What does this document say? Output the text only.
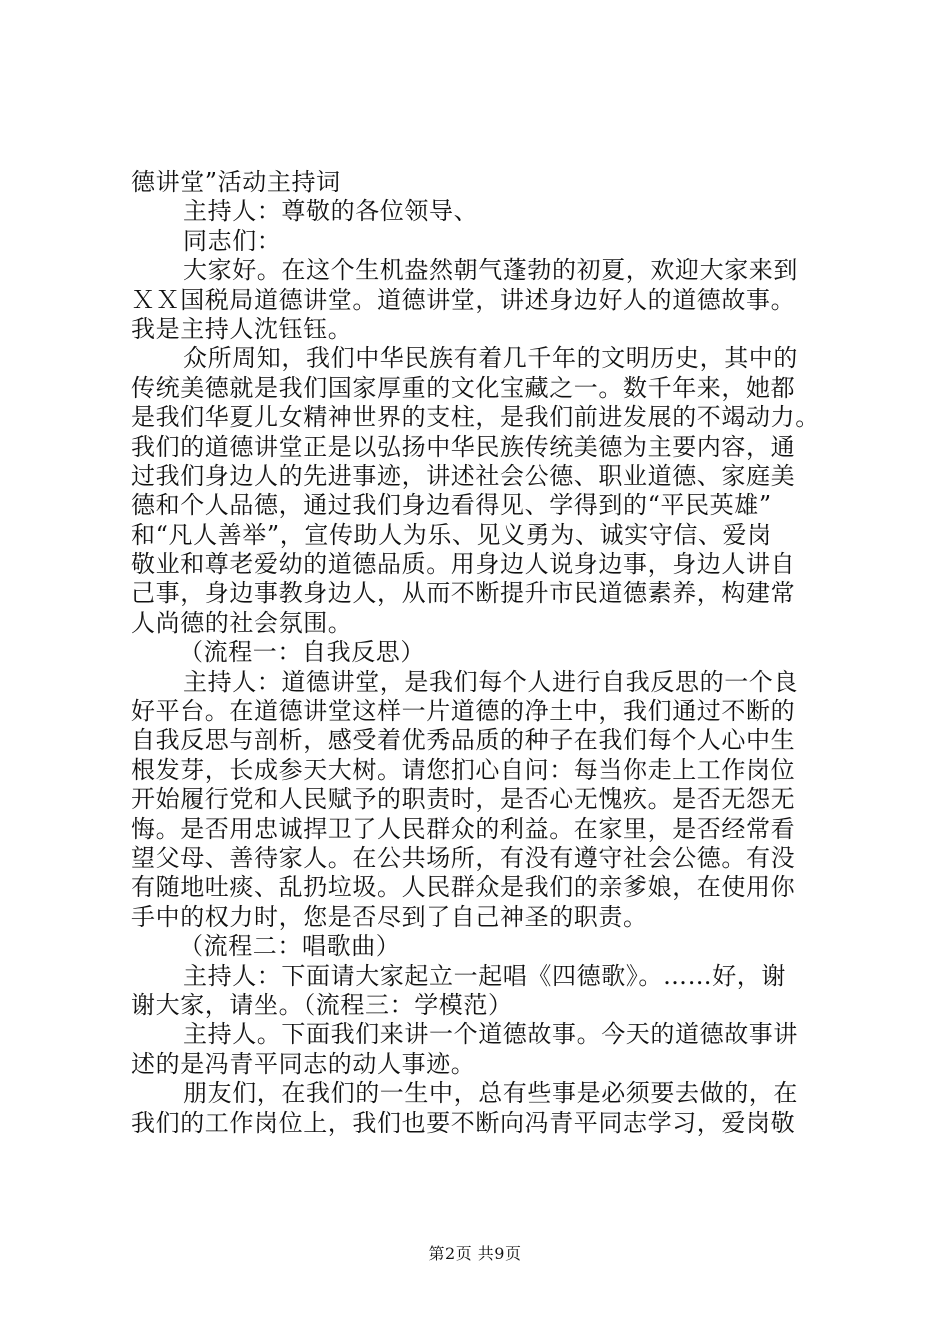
德讲堂”活动主持词
主持人：尊敬的各位领导、
同志们：
大家好。在这个生机盎然朝气蓬勃的初夏，欢迎大家来到
ＸＸ国税局道德讲堂。道德讲堂，讲述身边好人的道德故事。
我是主持人沈钰钰。
众所周知，我们中华民族有着几千年的文明历史，其中的
传统美德就是我们国家厚重的文化宝藏之一。数千年来，她都
是我们华夏儿女精神世界的支柱，是我们前进发展的不竭动力。
我们的道德讲堂正是以弘扬中华民族传统美德为主要内容，通
过我们身边人的先进事迹，讲述社会公德、职业道德、家庭美
德和个人品德，通过我们身边看得见、学得到的“平民英雄”
和“凡人善举”，宣传助人为乐、见义勇为、诚实守信、爱岗
敬业和尊老爱幼的道德品质。用身边人说身边事，身边人讲自
己事，身边事教身边人，从而不断提升市民道德素养，构建常
人尚德的社会氛围。
（流程一：自我反思）
主持人：道德讲堂，是我们每个人进行自我反思的一个良
好平台。在道德讲堂这样一片道德的净土中，我们通过不断的
自我反思与剖析，感受着优秀品质的种子在我们每个人心中生
根发芽，长成参天大树。请您扪心自问：每当你走上工作岗位
开始履行党和人民赋予的职责时，是否心无愧疚。是否无怨无
悔。是否用忠诚捍卫了人民群众的利益。在家里，是否经常看
望父母、善待家人。在公共场所，有没有遵守社会公德。有没
有随地吐痰、乱扔垃圾。人民群众是我们的亲爹娘，在使用你
手中的权力时，您是否尽到了自己神圣的职责。
（流程二：唱歌曲）
主持人：下面请大家起立一起唱《四德歌》。……好，谢
谢大家，请坐。（流程三：学模范）
主持人。下面我们来讲一个道德故事。今天的道德故事讲
述的是冯青平同志的动人事迹。
朋友们，在我们的一生中，总有些事是必须要去做的，在
我们的工作岗位上，我们也要不断向冯青平同志学习，爱岗敬
第2页 共9页
